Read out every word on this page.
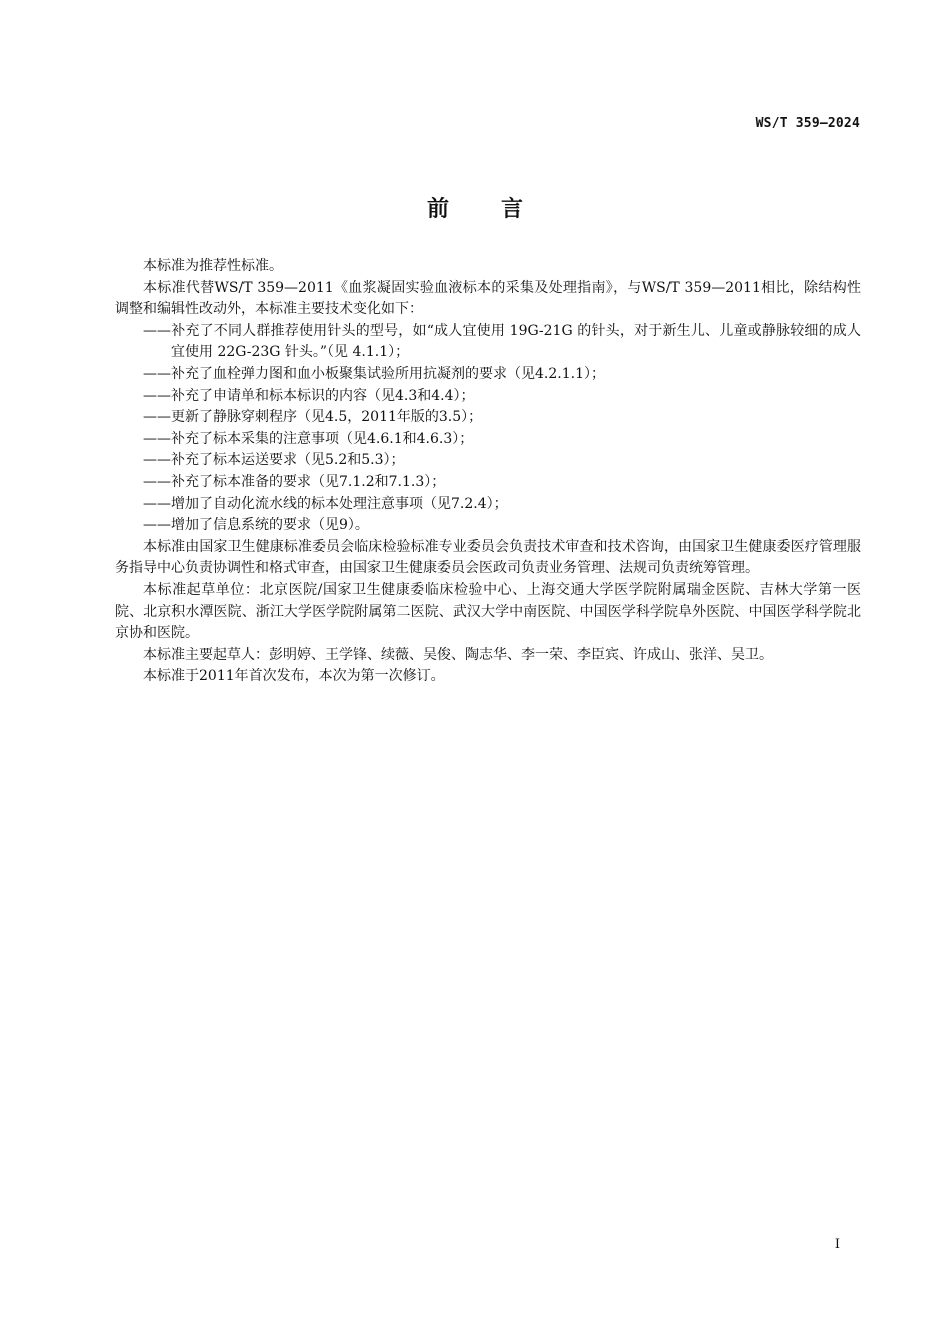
WS/T 359—2024
前 言

本标准为推荐性标准。

本标准代替WS/T 359—2011《血浆凝固实验血液标本的采集及处理指南》，与WS/T 359—2011相比，除结构性调整和编辑性改动外，本标准主要技术变化如下：

——补充了不同人群推荐使用针头的型号，如“成人宜使用 19G-21G 的针头，对于新生儿、儿童或静脉较细的成人宜使用 22G-23G 针头。”（见 4.1.1）；
——补充了血栓弹力图和血小板聚集试验所用抗凝剂的要求（见4.2.1.1）；
——补充了申请单和标本标识的内容（见4.3和4.4）；
——更新了静脉穿刺程序（见4.5，2011年版的3.5）；
——补充了标本采集的注意事项（见4.6.1和4.6.3）；
——补充了标本运送要求（见5.2和5.3）；
——补充了标本准备的要求（见7.1.2和7.1.3）；
——增加了自动化流水线的标本处理注意事项（见7.2.4）；
——增加了信息系统的要求（见9）。

本标准由国家卫生健康标准委员会临床检验标准专业委员会负责技术审查和技术咨询，由国家卫生健康委医疗管理服务指导中心负责协调性和格式审查，由国家卫生健康委员会医政司负责业务管理、法规司负责统筹管理。

本标准起草单位：北京医院/国家卫生健康委临床检验中心、上海交通大学医学院附属瑞金医院、吉林大学第一医院、北京积水潭医院、浙江大学医学院附属第二医院、武汉大学中南医院、中国医学科学院阜外医院、中国医学科学院北京协和医院。

本标准主要起草人：彭明婷、王学锋、续薇、吴俊、陶志华、李一荣、李臣宾、许成山、张洋、吴卫。

本标准于2011年首次发布，本次为第一次修订。

I
